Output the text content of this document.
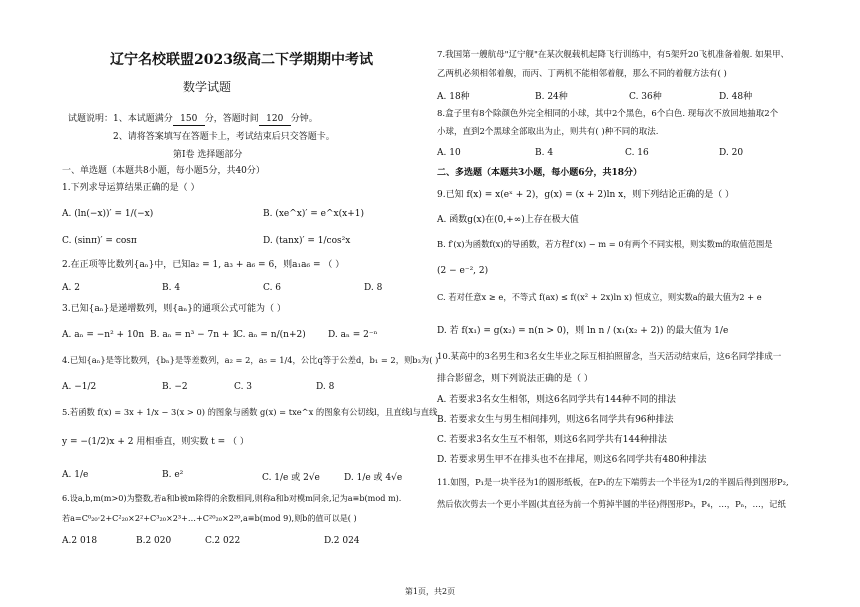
辽宁名校联盟2023级高二下学期期中考试
数学试题
试题说明：1、本试题满分 150 分，答题时间 120 分钟。
2、请将答案填写在答题卡上，考试结束后只交答题卡。
第Ⅰ卷 选择题部分
一、单选题（本题共8小题，每小题5分，共40分）
1.下列求导运算结果正确的是（ ）
A. (ln(−x))′ = 1/(−x)	B. (xe^x)′ = e^x(x+1)
C. (sinπ)′ = cosπ	D. (tanx)′ = 1/cos²x
2.在正项等比数列{aₙ}中，已知a₂ = 1, a₃ + a₆ = 6，则a₁a₆ = （ ）
A. 2	B. 4	C. 6	D. 8
3.已知{aₙ}是递增数列，则{aₙ}的通项公式可能为（ ）
A. aₙ = −n² + 10n B. aₙ = n³ − 7n + 1
C. aₙ = n/(n+2) D. aₙ = 2⁻ⁿ
4.已知{aₙ}是等比数列，{bₙ}是等差数列，a₂ = 2，a₅ = 1/4，公比q等于公差d，b₁ = 2，则b₃为( )
A. −1/2	B. −2	C. 3	D. 8
5.若函数 f(x) = 3x + 1/x − 3(x > 0) 的图象与函数 g(x) = txe^x 的图象有公切线l，且直线l与直线
y = −(1/2)x + 2 用相垂直，则实数 t = （ ）
A. 1/e	B. e²	C. 1/e 或 2√e	D. 1/e 或 4√e
6.设a,b,m(m>0)为整数,若a和b被m除得的余数相同,则称a和b对模m同余,记为a≡b(mod m).
若a=C⁰₂₀·2+C²₂₀×2²+C³₂₀×2³+…+C²⁰₂₀×2²⁰,a≡b(mod 9),则b的值可以是( )
A.2 018	B.2 020	C.2 022	D.2 024
7.我国第一艘航母"辽宁舰"在某次舰载机起降飞行训练中，有5架歼20飞机准备着舰. 如果甲、
乙两机必须相邻着舰，而丙、丁两机不能相邻着舰，那么不同的着舰方法有( )
A. 18种	B. 24种	C. 36种	D. 48种
8.盒子里有8个除颜色外完全相同的小球，其中2个黑色，6个白色. 现每次不放回地抽取2个
小球，直到2个黑球全部取出为止，则共有( )种不同的取法.
A. 10	B. 4	C. 16	D. 20
二、多选题（本题共3小题，每小题6分，共18分）
9.已知 f(x) = x(eˣ + 2)，g(x) = (x + 2)ln x，则下列结论正确的是（ ）
A. 函数g(x)在(0,+∞)上存在极大值
B. f′(x)为函数f(x)的导函数，若方程f′(x) − m = 0有两个不同实根，则实数m的取值范围是
(2 − e⁻², 2)
C. 若对任意x ≥ e，不等式 f(ax) ≤ f((x² + 2x)ln x) 恒成立，则实数a的最大值为2 + e
D. 若 f(x₁) = g(x₂) = n(n > 0)，则 ln n / (x₁(x₂ + 2)) 的最大值为 1/e
10.某高中的3名男生和3名女生毕业之际互相拍照留念，当天活动结束后，这6名同学排成一
排合影留念，则下列说法正确的是（ ）
A. 若要求3名女生相邻，则这6名同学共有144种不同的排法
B. 若要求女生与男生相间排列，则这6名同学共有96种排法
C. 若要求3名女生互不相邻，则这6名同学共有144种排法
D. 若要求男生甲不在排头也不在排尾，则这6名同学共有480种排法
11.如图，P₁是一块半径为1的圆形纸板，在P₁的左下端剪去一个半径为1/2的半圆后得到图形P₂,
然后依次剪去一个更小半圆(其直径为前一个剪掉半圆的半径)得图形P₃，P₄，…，Pₙ，…，记纸
第1页，共2页
